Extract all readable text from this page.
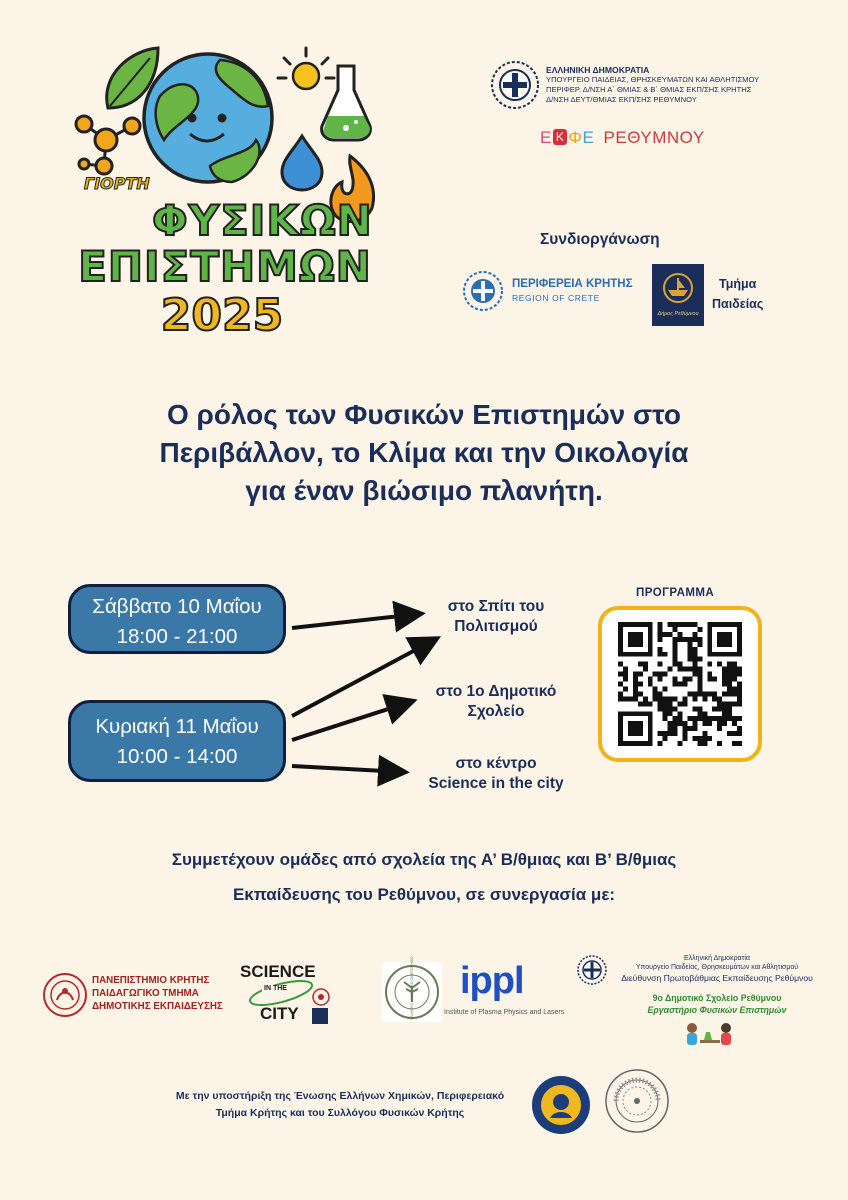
ΓΙΟΡΤΗ
ΦΥΣΙΚΩΝ
ΕΠΙΣΤΗΜΩΝ
2025
ΕΛΛΗΝΙΚΗ ΔΗΜΟΚΡΑΤΙΑ
ΥΠΟΥΡΓΕΙΟ ΠΑΙΔΕΙΑΣ, ΘΡΗΣΚΕΥΜΑΤΩΝ ΚΑΙ ΑΘΛΗΤΙΣΜΟΥ
ΠΕΡΙΦΕΡ. Δ/ΝΣΗ Α΄ ΘΜΙΑΣ & Β΄ ΘΜΙΑΣ ΕΚΠ/ΣΗΣ ΚΡΗΤΗΣ
Δ/ΝΣΗ ΔΕΥΤ/ΘΜΙΑΣ ΕΚΠ/ΣΗΣ ΡΕΘΥΜΝΟΥ
Ε Κ ΦΕ ΡΕΘΥΜΝΟΥ
Συνδιοργάνωση
ΠΕΡΙΦΕΡΕΙΑ ΚΡΗΤΗΣ
REGION OF CRETE
Δήμος Ρεθύμνου
Τμήμα
Παιδείας
Ο ρόλος των Φυσικών Επιστημών στο
Περιβάλλον, το Κλίμα και την Οικολογία
για έναν βιώσιμο πλανήτη.
Σάββατο 10 Μαΐου
18:00 - 21:00
Κυριακή 11 Μαΐου
10:00 - 14:00
στο Σπίτι του
Πολιτισμού
στο 1ο Δημοτικό
Σχολείο
στο κέντρο
Science in the city
ΠΡΟΓΡΑΜΜΑ
Συμμετέχουν ομάδες από σχολεία της Α’ Β/θμιας και Β’ Β/θμιας
Εκπαίδευσης του Ρεθύμνου, σε συνεργασία με:
ΠΑΝΕΠΙΣΤΗΜΙΟ ΚΡΗΤΗΣ
ΠΑΙΔΑΓΩΓΙΚΟ ΤΜΗΜΑ
ΔΗΜΟΤΙΚΗΣ ΕΚΠΑΙΔΕΥΣΗΣ
SCIENCE
IN THE
CITY	ΕΛΛΗΝΙΚΟ ΜΕΣΟΓΕΙΑΚΟ ΠΑΝΕΠΙΣΤΗΜΙΟ ippl
Institute of Plasma Physics and Lasers
Ελληνική Δημοκρατία
Υπουργείο Παιδείας, Θρησκευμάτων και Αθλητισμού
Διεύθυνση Πρωτοβάθμιας Εκπαίδευσης Ρεθύμνου
9ο Δημοτικό Σχολείο Ρεθύμνου
Εργαστήριο Φυσικών Επιστημών
Με την υποστήριξη της Ένωσης Ελλήνων Χημικών, Περιφερειακό
Τμήμα Κρήτης και του Συλλόγου Φυσικών Κρήτης
